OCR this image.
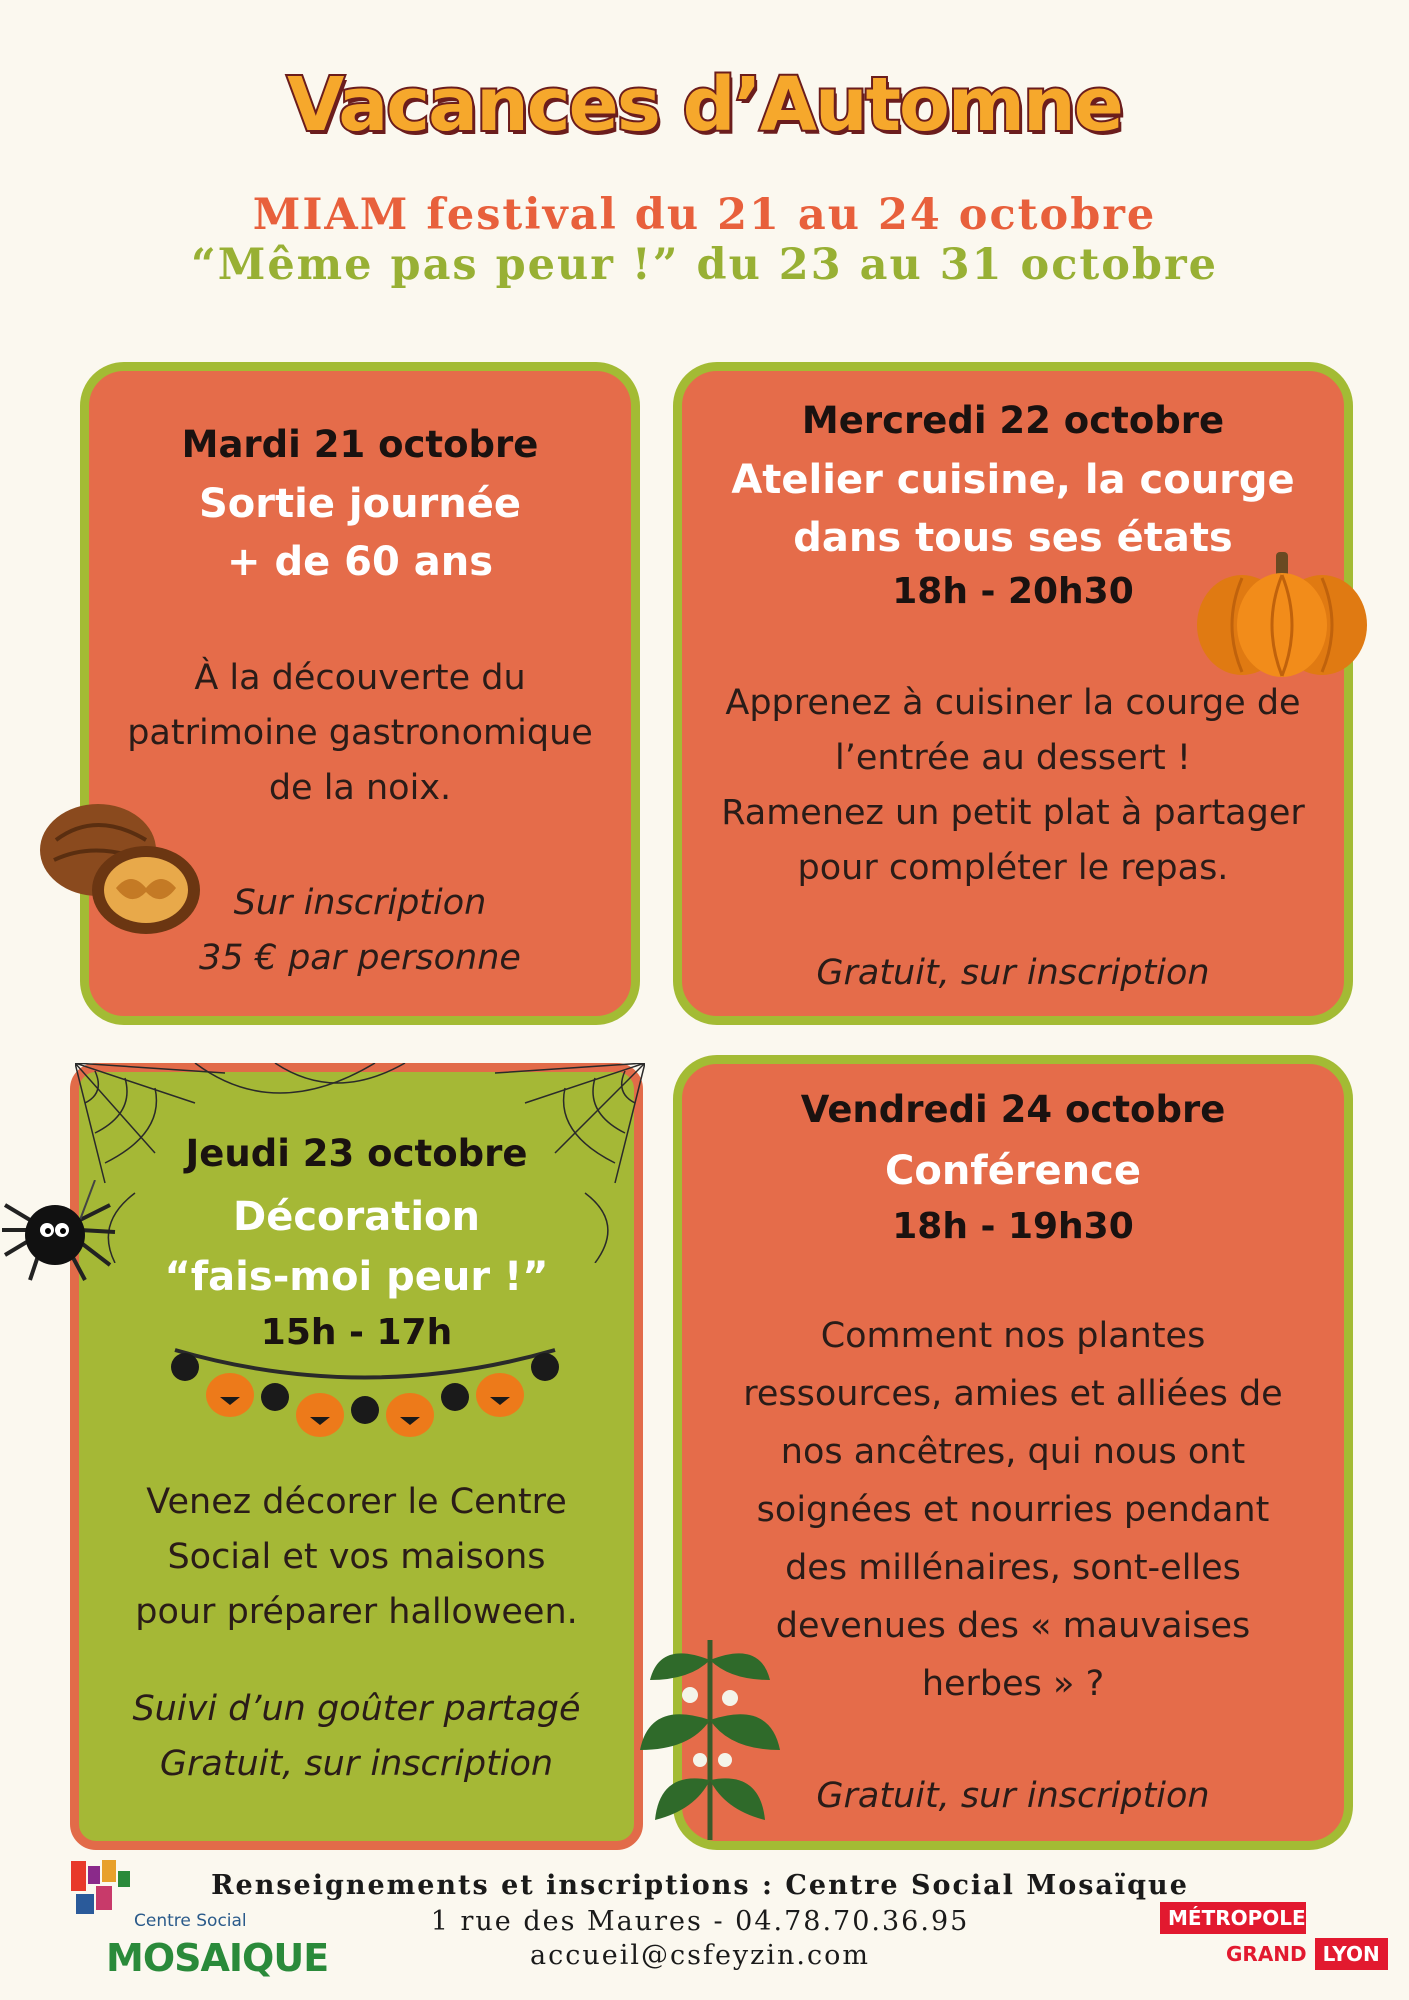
Vacances d’Automne
MIAM festival du 21 au 24 octobre
“Même pas peur !” du 23 au 31 octobre
Mardi 21 octobre
Sortie journée
+ de 60 ans
À la découverte du
patrimoine gastronomique
de la noix.
Sur inscription
35 € par personne
Mercredi 22 octobre
Atelier cuisine, la courge
dans tous ses états
18h - 20h30
Apprenez à cuisiner la courge de
l’entrée au dessert !
Ramenez un petit plat à partager
pour compléter le repas.
Gratuit, sur inscription
Jeudi 23 octobre
Décoration
“fais-moi peur !”
15h - 17h
Venez décorer le Centre
Social et vos maisons
pour préparer halloween.
Suivi d’un goûter partagé
Gratuit, sur inscription
Vendredi 24 octobre
Conférence
18h - 19h30
Comment nos plantes
ressources, amies et alliées de
nos ancêtres, qui nous ont
soignées et nourries pendant
des millénaires, sont-elles
devenues des « mauvaises
herbes » ?
Gratuit, sur inscription
Centre Social
MOSAIQUE
Renseignements et inscriptions : Centre Social Mosaïque
1 rue des Maures - 04.78.70.36.95
accueil@csfeyzin.com
MÉTROPOLE
GRAND LYON
